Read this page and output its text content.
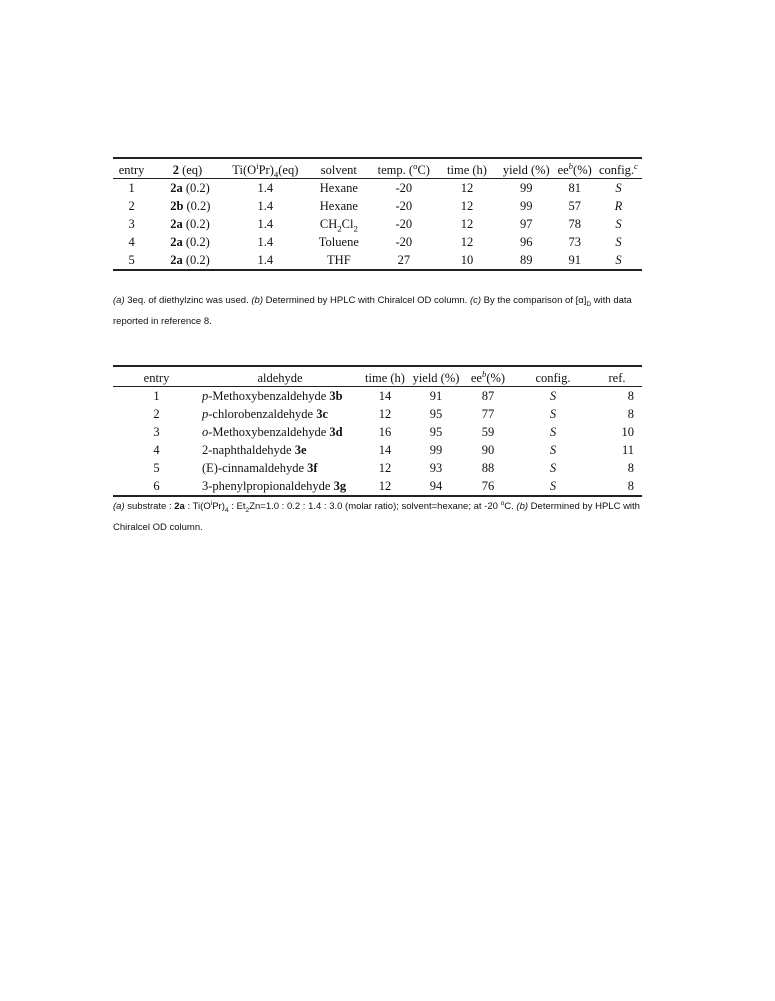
entry	2 (eq)	$Ti(O^iPr)_4(eq)$	solvent	temp. ($^o$C)	time (h)	yield (%)	$ee^b(\%)$	config.$^c$
1	2a (0.2)	1.4	Hexane	-20	12	99	81	S
2	2b (0.2)	1.4	Hexane	-20	12	99	57	R
3	2a (0.2)	1.4	$CH_2Cl_2$	-20	12	97	78	S
4	2a (0.2)	1.4	Toluene	-20	12	96	73	S
5	2a (0.2)	1.4	THF	27	10	89	91	S
(a) 3eq. of diethylzinc was used. (b) Determined by HPLC with Chiralcel OD column. (c) By the comparison of $[\alpha]_D$ with data
reported in reference 8.
entry	aldehyde	time (h)	yield (%)	$ee^b(\%)$	config.	ref.
1	p-Methoxybenzaldehyde 3b	14	91	87	S	8
2	p-chlorobenzaldehyde 3c	12	95	77	S	8
3	o-Methoxybenzaldehyde 3d	16	95	59	S	10
4	2-naphthaldehyde 3e	14	99	90	S	11
5	(E)-cinnamaldehyde 3f	12	93	88	S	8
6	3-phenylpropionaldehyde 3g	12	94	76	S	8
(a) substrate : 2a : $Ti(O^iPr)_4$ : $Et_2Zn=1.0$ : 0.2 : 1.4 : 3.0 (molar ratio); solvent=hexane; at -20 $^o$C. (b) Determined by HPLC with
Chiralcel OD column.
